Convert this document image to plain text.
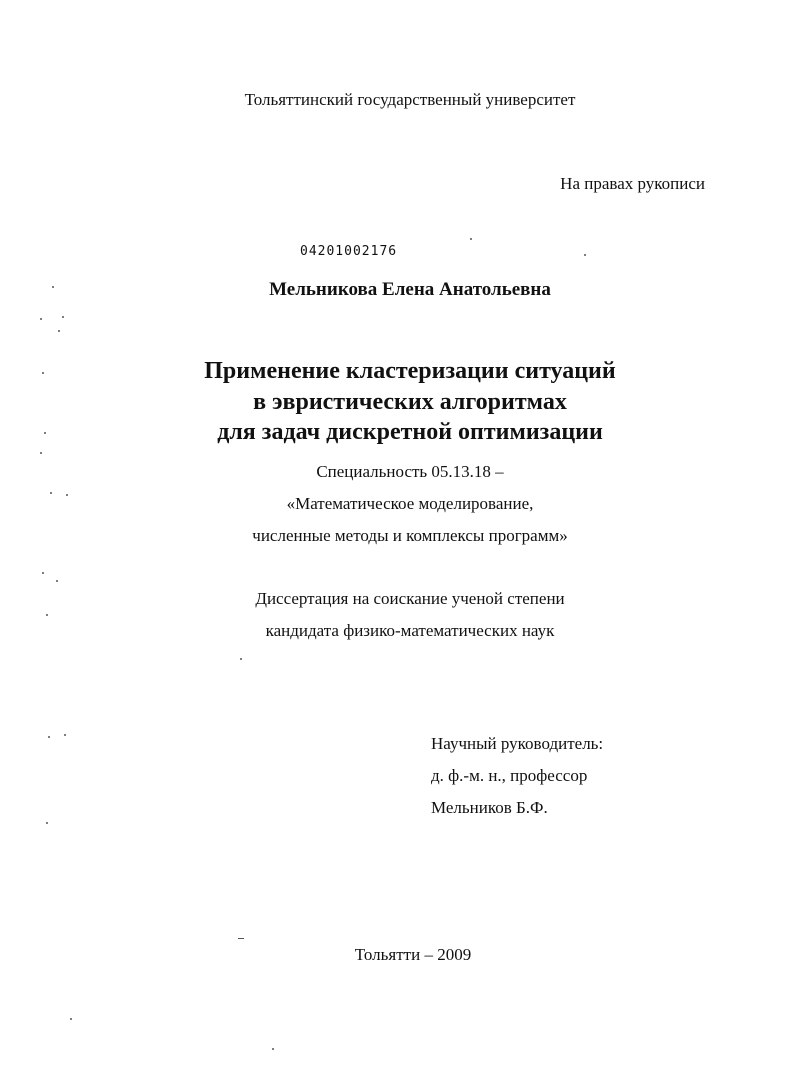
Тольяттинский государственный университет
На правах рукописи
04201002176
Мельникова Елена Анатольевна
Применение кластеризации ситуаций
в эвристических алгоритмах
для задач дискретной оптимизации
Специальность 05.13.18 –
«Математическое моделирование,
численные методы и комплексы программ»
Диссертация на соискание ученой степени
кандидата физико-математических наук
Научный руководитель:
д. ф.-м. н., профессор
Мельников Б.Ф.
Тольятти – 2009
